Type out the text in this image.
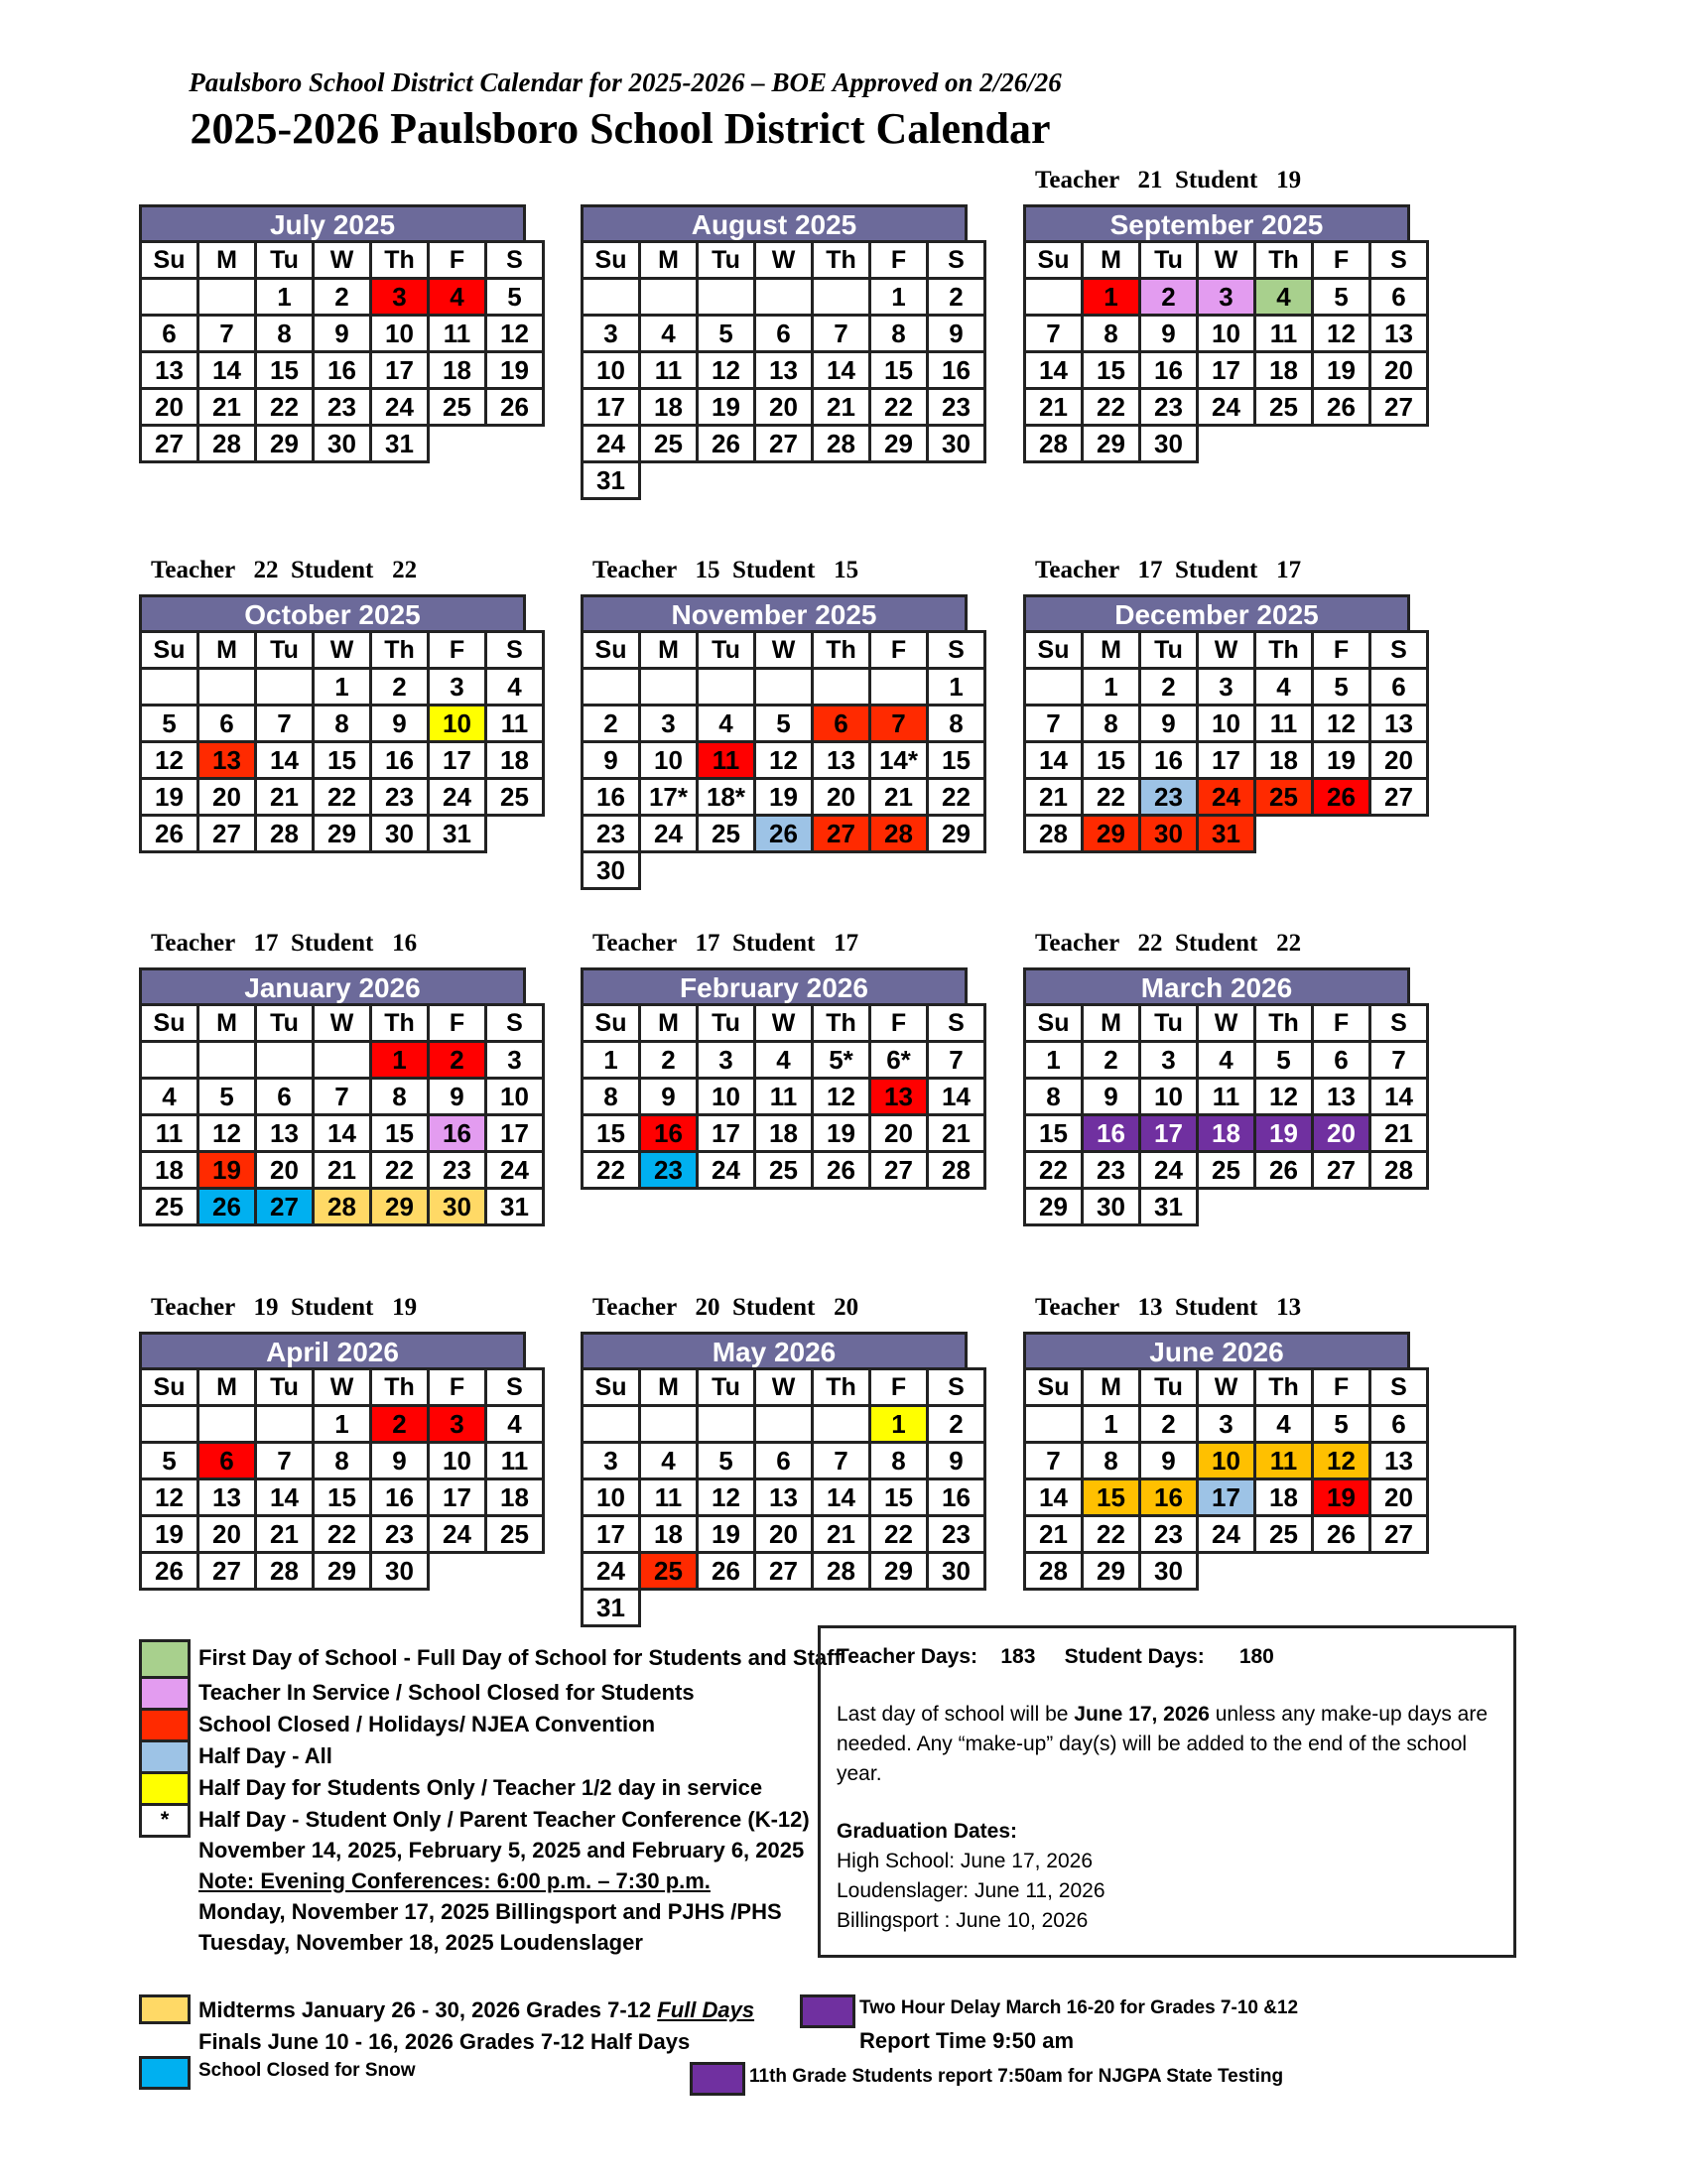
Paulsboro School District Calendar for 2025-2026 – BOE Approved on 2/26/26
2025-2026 Paulsboro School District Calendar
July 2025
Su	M	Tu	W	Th	F	S
		1	2	3	4	5
6	7	8	9	10	11	12
13	14	15	16	17	18	19
20	21	22	23	24	25	26
27	28	29	30	31		
August 2025
Su	M	Tu	W	Th	F	S
					1	2
3	4	5	6	7	8	9
10	11	12	13	14	15	16
17	18	19	20	21	22	23
24	25	26	27	28	29	30
31						
Teacher   21  Student   19
September 2025
Su	M	Tu	W	Th	F	S
	1	2	3	4	5	6
7	8	9	10	11	12	13
14	15	16	17	18	19	20
21	22	23	24	25	26	27
28	29	30				
Teacher   22  Student   22
October 2025
Su	M	Tu	W	Th	F	S
			1	2	3	4
5	6	7	8	9	10	11
12	13	14	15	16	17	18
19	20	21	22	23	24	25
26	27	28	29	30	31	
Teacher   15  Student   15
November 2025
Su	M	Tu	W	Th	F	S
						1
2	3	4	5	6	7	8
9	10	11	12	13	14*	15
16	17*	18*	19	20	21	22
23	24	25	26	27	28	29
30						
Teacher   17  Student   17
December 2025
Su	M	Tu	W	Th	F	S
	1	2	3	4	5	6
7	8	9	10	11	12	13
14	15	16	17	18	19	20
21	22	23	24	25	26	27
28	29	30	31			
Teacher   17  Student   16
January 2026
Su	M	Tu	W	Th	F	S
				1	2	3
4	5	6	7	8	9	10
11	12	13	14	15	16	17
18	19	20	21	22	23	24
25	26	27	28	29	30	31
Teacher   17  Student   17
February 2026
Su	M	Tu	W	Th	F	S
1	2	3	4	5*	6*	7
8	9	10	11	12	13	14
15	16	17	18	19	20	21
22	23	24	25	26	27	28
Teacher   22  Student   22
March 2026
Su	M	Tu	W	Th	F	S
1	2	3	4	5	6	7
8	9	10	11	12	13	14
15	16	17	18	19	20	21
22	23	24	25	26	27	28
29	30	31				
Teacher   19  Student   19
April 2026
Su	M	Tu	W	Th	F	S
			1	2	3	4
5	6	7	8	9	10	11
12	13	14	15	16	17	18
19	20	21	22	23	24	25
26	27	28	29	30		
Teacher   20  Student   20
May 2026
Su	M	Tu	W	Th	F	S
					1	2
3	4	5	6	7	8	9
10	11	12	13	14	15	16
17	18	19	20	21	22	23
24	25	26	27	28	29	30
31						
Teacher   13  Student   13
June 2026
Su	M	Tu	W	Th	F	S
	1	2	3	4	5	6
7	8	9	10	11	12	13
14	15	16	17	18	19	20
21	22	23	24	25	26	27
28	29	30				
First Day of School - Full Day of School for Students and Staff
Teacher In Service / School Closed for Students
School Closed / Holidays/ NJEA Convention
Half Day - All
Half Day for Students Only / Teacher 1/2 day in service
*	Half Day - Student Only / Parent Teacher Conference (K-12)
November 14, 2025, February 5, 2025 and February 6, 2025
Note: Evening Conferences: 6:00 p.m. – 7:30 p.m.
Monday, November 17, 2025 Billingsport and PJHS /PHS
Tuesday, November 18, 2025 Loudenslager
Midterms January 26 - 30, 2026 Grades 7-12 Full Days
Finals June 10 - 16, 2026 Grades 7-12 Half Days
School Closed for Snow
Two Hour Delay March 16-20 for Grades 7-10 &12
Report Time 9:50 am
11th Grade Students report 7:50am for NJGPA State Testing
Teacher Days: 183 Student Days: 180
Last day of school will be June 17, 2026 unless any make-up days are needed. Any “make-up” day(s) will be added to the end of the school year.
Graduation Dates:
High School: June 17, 2026
Loudenslager: June 11, 2026
Billingsport : June 10, 2026
